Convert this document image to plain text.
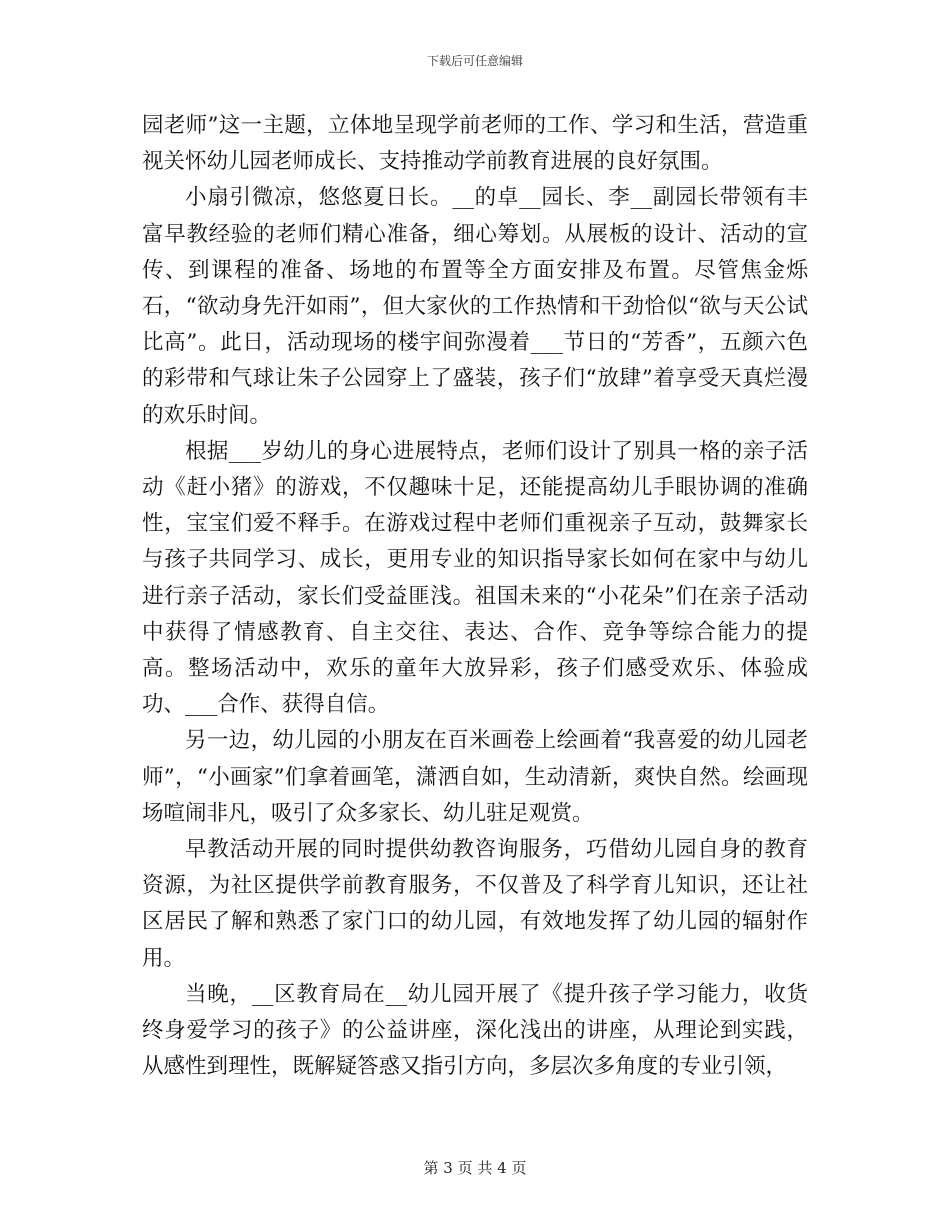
下载后可任意编辑

园老师”这一主题，立体地呈现学前老师的工作、学习和生活，营造重视关怀幼儿园老师成长、支持推动学前教育进展的良好氛围。

小扇引微凉，悠悠夏日长。__的卓__园长、李__副园长带领有丰富早教经验的老师们精心准备，细心筹划。从展板的设计、活动的宣传、到课程的准备、场地的布置等全方面安排及布置。尽管焦金烁石，“欲动身先汗如雨”，但大家伙的工作热情和干劲恰似“欲与天公试比高”。此日，活动现场的楼宇间弥漫着___节日的“芳香”，五颜六色的彩带和气球让朱子公园穿上了盛装，孩子们“放肆”着享受天真烂漫的欢乐时间。

根据___岁幼儿的身心进展特点，老师们设计了别具一格的亲子活动《赶小猪》的游戏，不仅趣味十足，还能提高幼儿手眼协调的准确性，宝宝们爱不释手。在游戏过程中老师们重视亲子互动，鼓舞家长与孩子共同学习、成长，更用专业的知识指导家长如何在家中与幼儿进行亲子活动，家长们受益匪浅。祖国未来的“小花朵”们在亲子活动中获得了情感教育、自主交往、表达、合作、竞争等综合能力的提高。整场活动中，欢乐的童年大放异彩，孩子们感受欢乐、体验成功、___合作、获得自信。

另一边，幼儿园的小朋友在百米画卷上绘画着“我喜爱的幼儿园老师”，“小画家”们拿着画笔，潇洒自如，生动清新，爽快自然。绘画现场喧闹非凡，吸引了众多家长、幼儿驻足观赏。

早教活动开展的同时提供幼教咨询服务，巧借幼儿园自身的教育资源，为社区提供学前教育服务，不仅普及了科学育儿知识，还让社区居民了解和熟悉了家门口的幼儿园，有效地发挥了幼儿园的辐射作用。

当晚，__区教育局在__幼儿园开展了《提升孩子学习能力，收货终身爱学习的孩子》的公益讲座，深化浅出的讲座，从理论到实践，从感性到理性，既解疑答惑又指引方向，多层次多角度的专业引领，

第 3 页 共 4 页
